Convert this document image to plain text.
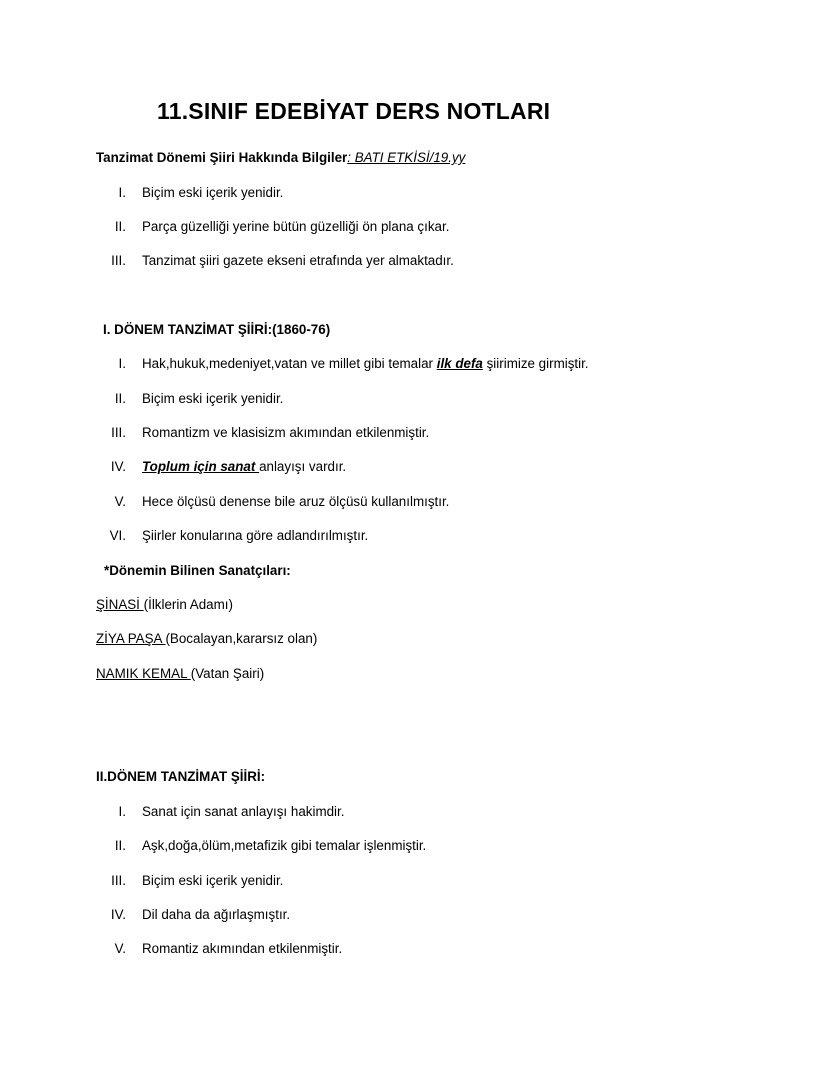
11.SINIF EDEBİYAT DERS NOTLARI
Tanzimat Dönemi Şiiri Hakkında Bilgiler: BATI ETKİSİ/19.yy
I. Biçim eski içerik yenidir.
II. Parça güzelliği yerine bütün güzelliği ön plana çıkar.
III. Tanzimat şiiri gazete ekseni etrafında yer almaktadır.
I. DÖNEM TANZİMAT ŞİİRİ:(1860-76)
I. Hak,hukuk,medeniyet,vatan ve millet gibi temalar ilk defa şiirimize girmiştir.
II. Biçim eski içerik yenidir.
III. Romantizm ve klasisizm akımından etkilenmiştir.
IV. Toplum için sanat anlayışı vardır.
V. Hece ölçüsü denense bile aruz ölçüsü kullanılmıştır.
VI. Şiirler konularına göre adlandırılmıştır.
*Dönemin Bilinen Sanatçıları:
ŞİNASİ (İlklerin Adamı)
ZİYA PAŞA (Bocalayan,kararsız olan)
NAMIK KEMAL (Vatan Şairi)
II.DÖNEM TANZİMAT ŞİİRİ:
I. Sanat için sanat anlayışı hakimdir.
II. Aşk,doğa,ölüm,metafizik gibi temalar işlenmiştir.
III. Biçim eski içerik yenidir.
IV. Dil daha da ağırlaşmıştır.
V. Romantiz akımından etkilenmiştir.
